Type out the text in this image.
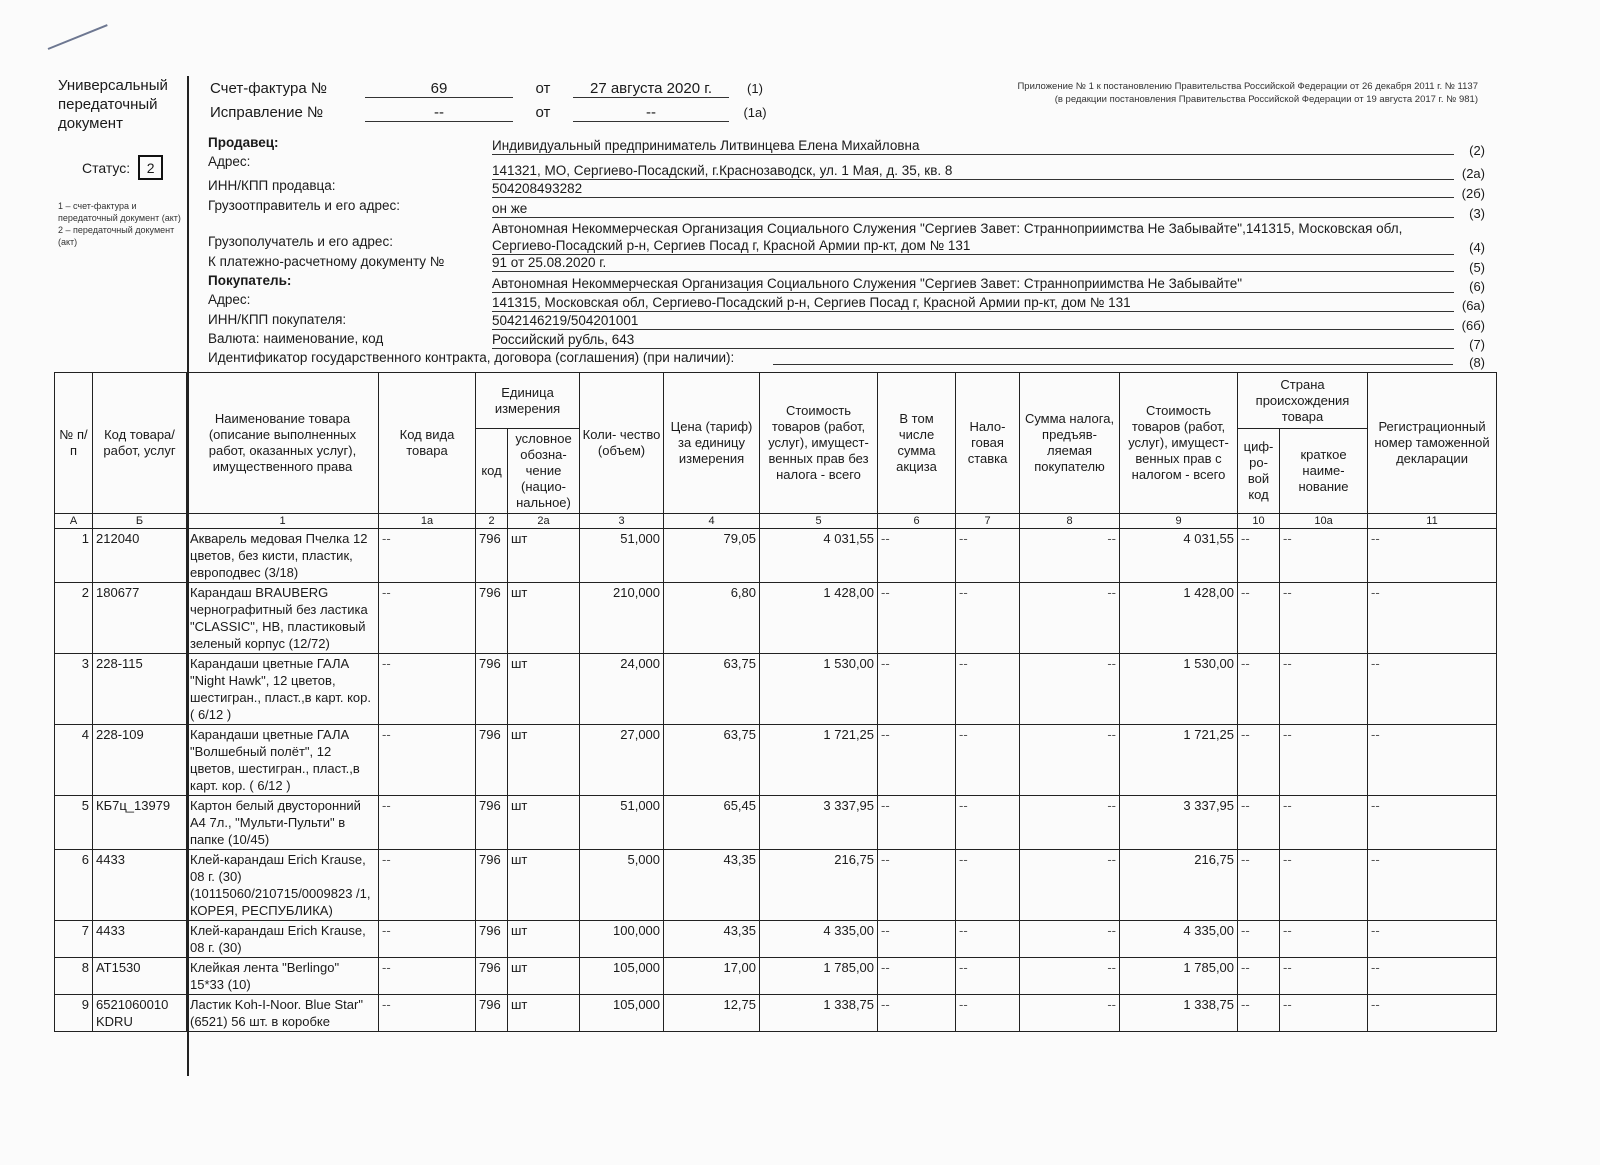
Универсальный передаточный документ
Статус:	2
1 – счет-фактура и передаточный документ (акт)
2 – передаточный документ (акт)
Счет-фактура №	69	от	27 августа 2020 г.	(1)
Исправление №	--	от	--	(1а)
Приложение № 1 к постановлению Правительства Российской Федерации от 26 декабря 2011 г. № 1137
(в редакции постановления Правительства Российской Федерации от 19 августа 2017 г. № 981)
Продавец:	Индивидуальный предприниматель Литвинцева Елена Михайловна	(2)
Адрес:
141321, МО, Сергиево-Посадский, г.Краснозаводск, ул. 1 Мая, д. 35, кв. 8	(2а)
ИНН/КПП продавца:	504208493282	(2б)
Грузоотправитель и его адрес:	он же	(3)
Грузополучатель и его адрес:
Автономная Некоммерческая Организация Социального Служения "Сергиев Завет: Странноприимства Не Забывайте",141315, Московская обл, Сергиево-Посадский р-н, Сергиев Посад г, Красной Армии пр-кт, дом № 131	(4)
К платежно-расчетному документу №	91 от 25.08.2020 г.	(5)
Покупатель:	Автономная Некоммерческая Организация Социального Служения "Сергиев Завет: Странноприимства Не Забывайте"	(6)
Адрес:	141315, Московская обл, Сергиево-Посадский р-н, Сергиев Посад г, Красной Армии пр-кт, дом № 131	(6а)
ИНН/КПП покупателя:	5042146219/504201001	(6б)
Валюта: наименование, код	Российский рубль, 643	(7)
Идентификатор государственного контракта, договора (соглашения) (при наличии):	(8)
№ п/п	Код товара/ работ, услуг	Наименование товара (описание выполненных работ, оказанных услуг), имущественного права	Код вида товара	Единица измерения		Коли- чество (объем)	Цена (тариф) за единицу измерения	Стоимость товаров (работ, услуг), имущест- венных прав без налога - всего	В том числе сумма акциза	Нало- говая ставка	Сумма налога, предъяв- ляемая покупателю	Стоимость товаров (работ, услуг), имущест- венных прав с налогом - всего	Страна происхождения товара		Регистрационный номер таможенной декларации
				код	условное обозна- чение (нацио- нальное)								циф- ро- вой код	краткое наиме- нование	
А	Б	1	1а	2	2а	3	4	5	6	7	8	9	10	10а	11
1	212040	Акварель медовая Пчелка 12 цветов, без кисти, пластик, европодвес (3/18)	--	796	шт	51,000	79,05	4 031,55	--	--	--	4 031,55	--	--	--
2	180677	Карандаш BRAUBERG чернографитный без ластика "CLASSIC", HB, пластиковый зеленый корпус (12/72)	--	796	шт	210,000	6,80	1 428,00	--	--	--	1 428,00	--	--	--
3	228-115	Карандаши цветные ГАЛА "Night Hawk", 12 цветов, шестигран., пласт.,в карт. кор. ( 6/12 )	--	796	шт	24,000	63,75	1 530,00	--	--	--	1 530,00	--	--	--
4	228-109	Карандаши цветные ГАЛА "Волшебный полёт", 12 цветов, шестигран., пласт.,в карт. кор. ( 6/12 )	--	796	шт	27,000	63,75	1 721,25	--	--	--	1 721,25	--	--	--
5	КБ7ц_13979	Картон белый двусторонний А4 7л., "Мульти-Пульти" в папке (10/45)	--	796	шт	51,000	65,45	3 337,95	--	--	--	3 337,95	--	--	--
6	4433	Клей-карандаш Erich Krause, 08 г. (30) (10115060/210715/0009823 /1, КОРЕЯ, РЕСПУБЛИКА)	--	796	шт	5,000	43,35	216,75	--	--	--	216,75	--	--	--
7	4433	Клей-карандаш Erich Krause, 08 г. (30)	--	796	шт	100,000	43,35	4 335,00	--	--	--	4 335,00	--	--	--
8	АТ1530	Клейкая лента "Berlingo" 15*33 (10)	--	796	шт	105,000	17,00	1 785,00	--	--	--	1 785,00	--	--	--
9	6521060010 KDRU	Ластик Koh-I-Noor. Blue Star" (6521) 56 шт. в коробке	--	796	шт	105,000	12,75	1 338,75	--	--	--	1 338,75	--	--	--
